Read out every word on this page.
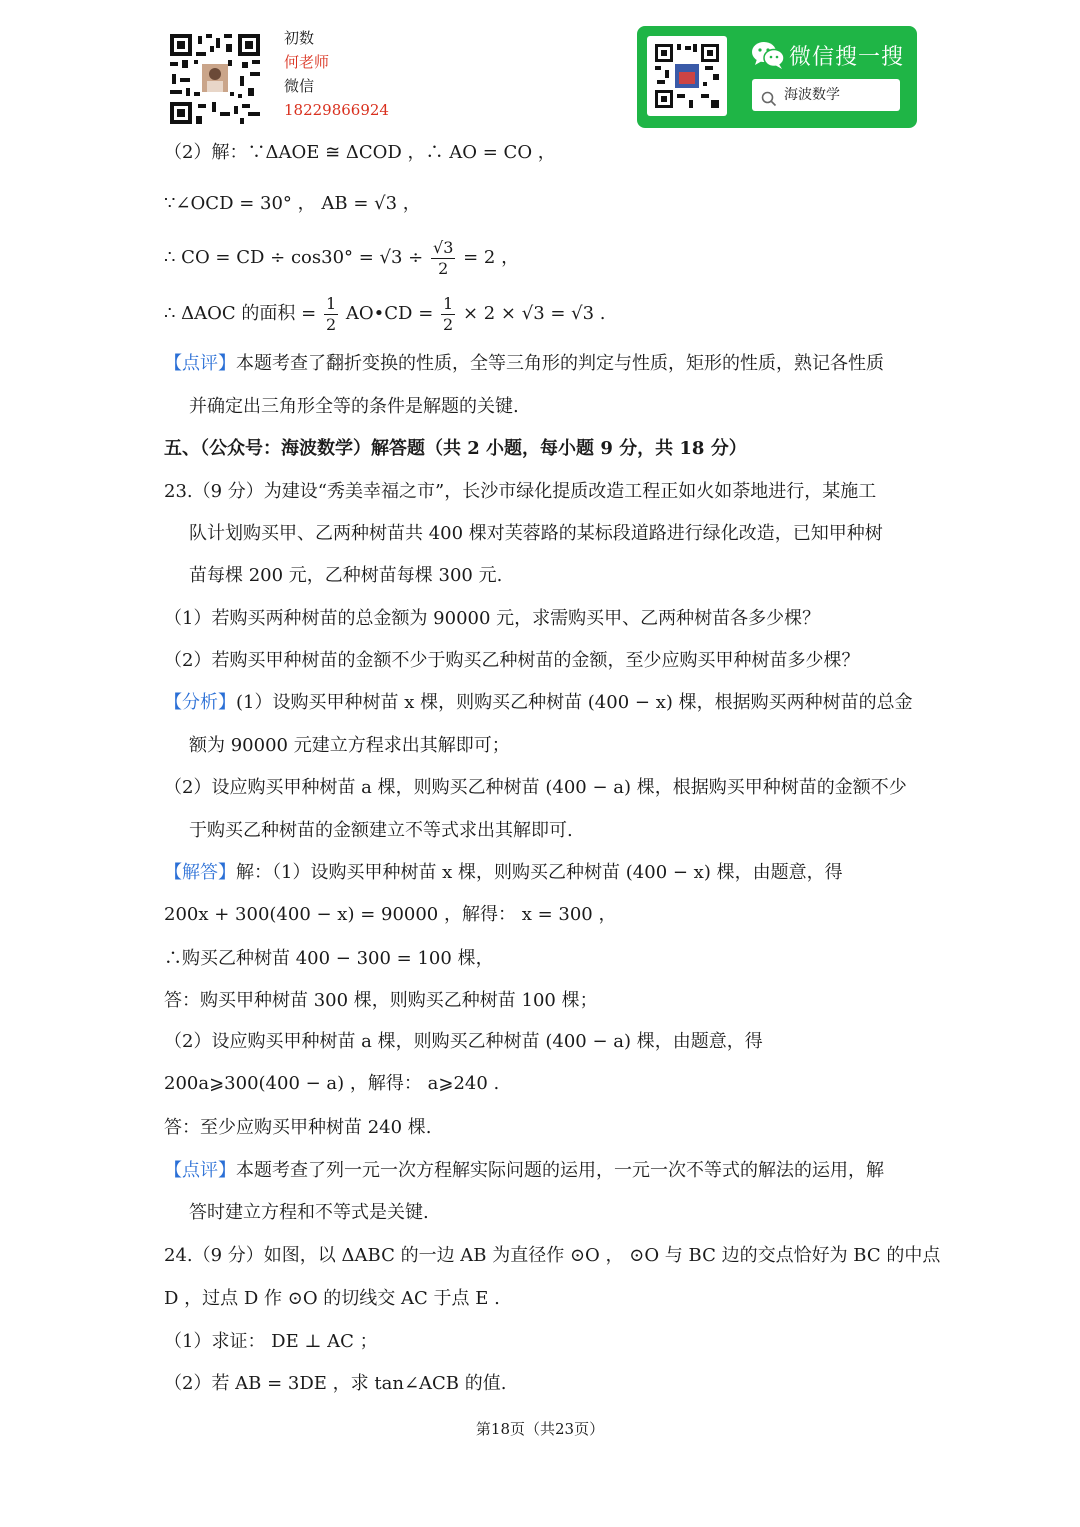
初数
何老师
微信
18229866924
微信搜一搜
海波数学
（2）解：∵ΔAOE ≅ ΔCOD ，∴ AO = CO ，
∵∠OCD = 30° ， AB = √3 ，
∴ CO = CD ÷ $\cos 30^\circ = √3 \div \frac{√3}{2} = 2$ ，
∴ ΔAOC 的面积 = $\frac{1}{2}$ AO•CD = $\frac{1}{2} \times 2 \times √3 = √3$ .
【点评】本题考查了翻折变换的性质，全等三角形的判定与性质，矩形的性质，熟记各性质
并确定出三角形全等的条件是解题的关键.
五、（公众号：海波数学）解答题（共 2 小题，每小题 9 分，共 18 分）
23.（9 分）为建设“秀美幸福之市”，长沙市绿化提质改造工程正如火如荼地进行，某施工
队计划购买甲、乙两种树苗共 400 棵对芙蓉路的某标段道路进行绿化改造，已知甲种树
苗每棵 200 元，乙种树苗每棵 300 元.
（1）若购买两种树苗的总金额为 90000 元，求需购买甲、乙两种树苗各多少棵？
（2）若购买甲种树苗的金额不少于购买乙种树苗的金额，至少应购买甲种树苗多少棵？
【分析】(1）设购买甲种树苗 x 棵，则购买乙种树苗 (400 − x) 棵，根据购买两种树苗的总金
额为 90000 元建立方程求出其解即可；
（2）设应购买甲种树苗 a 棵，则购买乙种树苗 (400 − a) 棵，根据购买甲种树苗的金额不少
于购买乙种树苗的金额建立不等式求出其解即可.
【解答】解：（1）设购买甲种树苗 x 棵，则购买乙种树苗 (400 − x) 棵，由题意，得
200x + 300(400 − x) = 90000 ，解得： x = 300 ，
∴购买乙种树苗 400 − 300 = 100 棵，
答：购买甲种树苗 300 棵，则购买乙种树苗 100 棵；
（2）设应购买甲种树苗 a 棵，则购买乙种树苗 (400 − a) 棵，由题意，得
200a⩾300(400 − a) ，解得： a⩾240 .
答：至少应购买甲种树苗 240 棵.
【点评】本题考查了列一元一次方程解实际问题的运用，一元一次不等式的解法的运用，解
答时建立方程和不等式是关键.
24.（9 分）如图，以 ΔABC 的一边 AB 为直径作 ⊙O ， ⊙O 与 BC 边的交点恰好为 BC 的中点
D ，过点 D 作 ⊙O 的切线交 AC 于点 E .
（1）求证： DE ⊥ AC ；
（2）若 AB = 3DE ，求 tan∠ACB 的值.
第18页（共23页）
